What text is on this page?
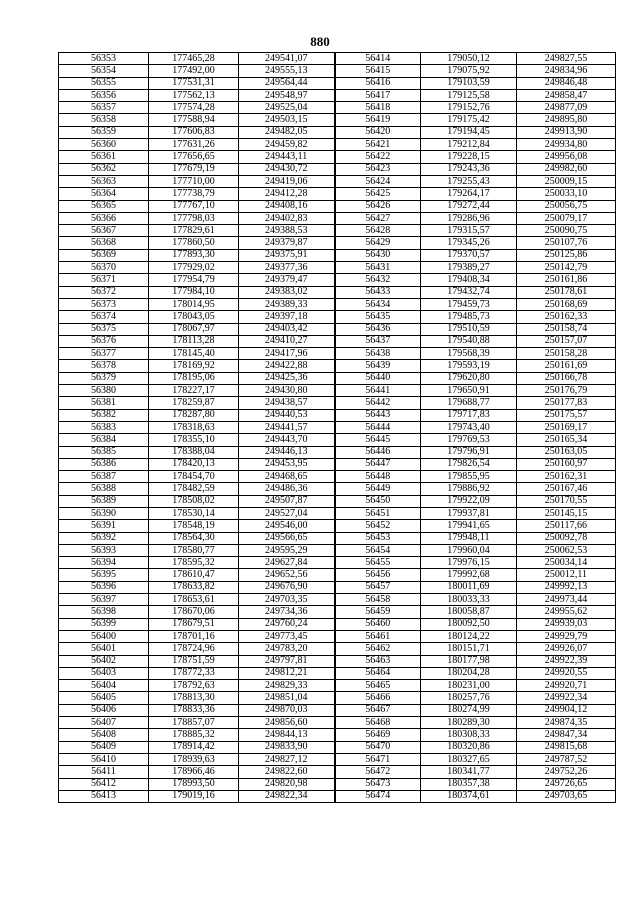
880
56353	177465,28	249541,07	56414	179050,12	249827,55
56354	177492,00	249555,13	56415	179075,92	249834,96
56355	177531,31	249564,44	56416	179103,59	249846,48
56356	177562,13	249548,97	56417	179125,58	249858,47
56357	177574,28	249525,04	56418	179152,76	249877,09
56358	177588,94	249503,15	56419	179175,42	249895,80
56359	177606,83	249482,05	56420	179194,45	249913,90
56360	177631,26	249459,82	56421	179212,84	249934,80
56361	177656,65	249443,11	56422	179228,15	249956,08
56362	177679,19	249430,72	56423	179243,36	249982,60
56363	177710,00	249419,06	56424	179255,43	250009,15
56364	177738,79	249412,28	56425	179264,17	250033,10
56365	177767,10	249408,16	56426	179272,44	250056,75
56366	177798,03	249402,83	56427	179286,96	250079,17
56367	177829,61	249388,53	56428	179315,57	250090,75
56368	177860,50	249379,87	56429	179345,26	250107,76
56369	177893,30	249375,91	56430	179370,57	250125,86
56370	177929,02	249377,36	56431	179389,27	250142,79
56371	177954,79	249379,47	56432	179408,34	250161,86
56372	177984,10	249383,02	56433	179432,74	250178,61
56373	178014,95	249389,33	56434	179459,73	250168,69
56374	178043,05	249397,18	56435	179485,73	250162,33
56375	178067,97	249403,42	56436	179510,59	250158,74
56376	178113,28	249410,27	56437	179540,88	250157,07
56377	178145,40	249417,96	56438	179568,39	250158,28
56378	178169,92	249422,88	56439	179593,19	250161,69
56379	178195,06	249425,36	56440	179620,80	250166,78
56380	178227,17	249430,80	56441	179650,91	250176,79
56381	178259,87	249438,57	56442	179688,77	250177,83
56382	178287,80	249440,53	56443	179717,83	250175,57
56383	178318,63	249441,57	56444	179743,40	250169,17
56384	178355,10	249443,70	56445	179769,53	250165,34
56385	178388,04	249446,13	56446	179796,91	250163,05
56386	178420,13	249453,95	56447	179826,54	250160,97
56387	178454,70	249468,65	56448	179855,95	250162,31
56388	178482,59	249486,36	56449	179886,92	250167,46
56389	178508,02	249507,87	56450	179922,09	250170,55
56390	178530,14	249527,04	56451	179937,81	250145,15
56391	178548,19	249546,00	56452	179941,65	250117,66
56392	178564,30	249566,65	56453	179948,11	250092,78
56393	178580,77	249595,29	56454	179960,04	250062,53
56394	178595,32	249627,84	56455	179976,15	250034,14
56395	178610,47	249652,56	56456	179992,68	250012,11
56396	178633,82	249676,90	56457	180011,69	249992,13
56397	178653,61	249703,35	56458	180033,33	249973,44
56398	178670,06	249734,36	56459	180058,87	249955,62
56399	178679,51	249760,24	56460	180092,50	249939,03
56400	178701,16	249773,45	56461	180124,22	249929,79
56401	178724,96	249783,20	56462	180151,71	249926,07
56402	178751,59	249797,81	56463	180177,98	249922,39
56403	178772,33	249812,21	56464	180204,28	249920,55
56404	178792,63	249829,33	56465	180231,00	249920,71
56405	178813,30	249851,04	56466	180257,76	249922,34
56406	178833,36	249870,03	56467	180274,99	249904,12
56407	178857,07	249856,60	56468	180289,30	249874,35
56408	178885,32	249844,13	56469	180308,33	249847,34
56409	178914,42	249833,90	56470	180320,86	249815,68
56410	178939,63	249827,12	56471	180327,65	249787,52
56411	178966,46	249822,60	56472	180341,77	249752,26
56412	178993,50	249820,98	56473	180357,38	249726,65
56413	179019,16	249822,34	56474	180374,61	249703,65
